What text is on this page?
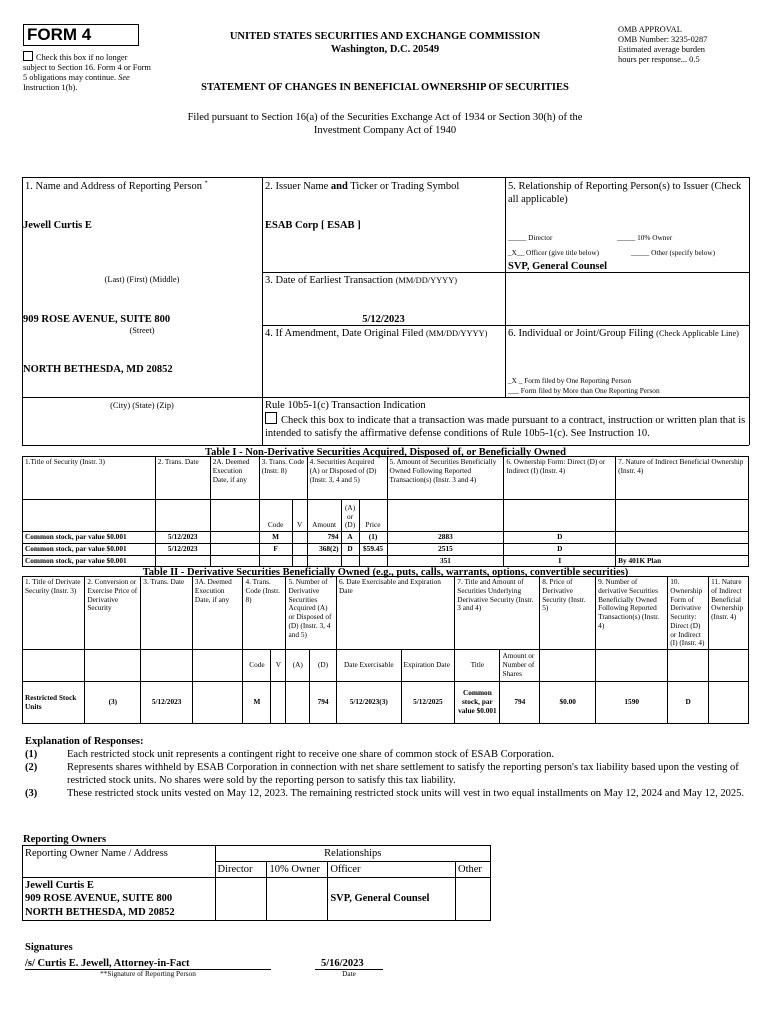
FORM 4
Check this box if no longer subject to Section 16. Form 4 or Form 5 obligations may continue. See Instruction 1(b).
UNITED STATES SECURITIES AND EXCHANGE COMMISSION
Washington, D.C. 20549
STATEMENT OF CHANGES IN BENEFICIAL OWNERSHIP OF SECURITIES
OMB APPROVAL
OMB Number: 3235-0287
Estimated average burden
hours per response... 0.5
Filed pursuant to Section 16(a) of the Securities Exchange Act of 1934 or Section 30(h) of the
Investment Company Act of 1940
1. Name and Address of Reporting Person *
Jewell Curtis E
(Last) (First) (Middle)
909 ROSE AVENUE, SUITE 800
(Street)
NORTH BETHESDA, MD 20852
(City) (State) (Zip)
2. Issuer Name and Ticker or Trading Symbol
ESAB Corp [ ESAB ]
3. Date of Earliest Transaction (MM/DD/YYYY)
5/12/2023
4. If Amendment, Date Original Filed (MM/DD/YYYY)
Rule 10b5-1(c) Transaction Indication
Check this box to indicate that a transaction was made pursuant to a contract, instruction or written plan that is intended to satisfy the affirmative defense conditions of Rule 10b5-1(c). See Instruction 10.
5. Relationship of Reporting Person(s) to Issuer (Check all applicable)
_____ Director	_____ 10% Owner
_X__ Officer (give title below)	_____ Other (specify below)
SVP, General Counsel
6. Individual or Joint/Group Filing (Check Applicable Line)
_X _ Form filed by One Reporting Person
___ Form filed by More than One Reporting Person
Table I - Non-Derivative Securities Acquired, Disposed of, or Beneficially Owned
1.Title of Security (Instr. 3)	2. Trans. Date	2A. Deemed Execution Date, if any	3. Trans. Code (Instr. 8)		4. Securities Acquired (A) or Disposed of (D) (Instr. 3, 4 and 5)			5. Amount of Securities Beneficially Owned Following Reported Transaction(s) (Instr. 3 and 4)	6. Ownership Form: Direct (D) or Indirect (I) (Instr. 4)	7. Nature of Indirect Beneficial Ownership (Instr. 4)
			Code	V	Amount	(A) or (D)	Price			
Common stock, par value $0.001	5/12/2023		M		794	A	(1)	2883	D	
Common stock, par value $0.001	5/12/2023		F		368(2)	D	$59.45	2515	D	
Common stock, par value $0.001								351	I	By 401K Plan
Table II - Derivative Securities Beneficially Owned (e.g., puts, calls, warrants, options, convertible securities)
1. Title of Derivate Security (Instr. 3)	2. Conversion or Exercise Price of Derivative Security	3. Trans. Date	3A. Deemed Execution Date, if any	4. Trans. Code (Instr. 8)		5. Number of Derivative Securities Acquired (A) or Disposed of (D) (Instr. 3, 4 and 5)		6. Date Exercisable and Expiration Date		7. Title and Amount of Securities Underlying Derivative Security (Instr. 3 and 4)		8. Price of Derivative Security (Instr. 5)	9. Number of derivative Securities Beneficially Owned Following Reported Transaction(s) (Instr. 4)	10. Ownership Form of Derivative Security: Direct (D) or Indirect (I) (Instr. 4)	11. Nature of Indirect Beneficial Ownership (Instr. 4)
				Code	V	(A)	(D)	Date Exercisable	Expiration Date	Title	Amount or Number of Shares				
Restricted Stock Units	(3)	5/12/2023		M			794	5/12/2023(3)	5/12/2025	Common stock, par value $0.001	794	$0.00	1590	D	
Explanation of Responses:
(1)	Each restricted stock unit represents a contingent right to receive one share of common stock of ESAB Corporation.
(2)	Represents shares withheld by ESAB Corporation in connection with net share settlement to satisfy the reporting person's tax liability based upon the vesting of restricted stock units. No shares were sold by the reporting person to satisfy this tax liability.
(3)	These restricted stock units vested on May 12, 2023. The remaining restricted stock units will vest in two equal installments on May 12, 2024 and May 12, 2025.
Reporting Owners
Reporting Owner Name / Address	Relationships			
	Director	10% Owner	Officer	Other

Jewell Curtis E
909 ROSE AVENUE, SUITE 800
NORTH BETHESDA, MD 20852			SVP, General Counsel	
Signatures
/s/ Curtis E. Jewell, Attorney-in-Fact
**Signature of Reporting Person
5/16/2023
Date
